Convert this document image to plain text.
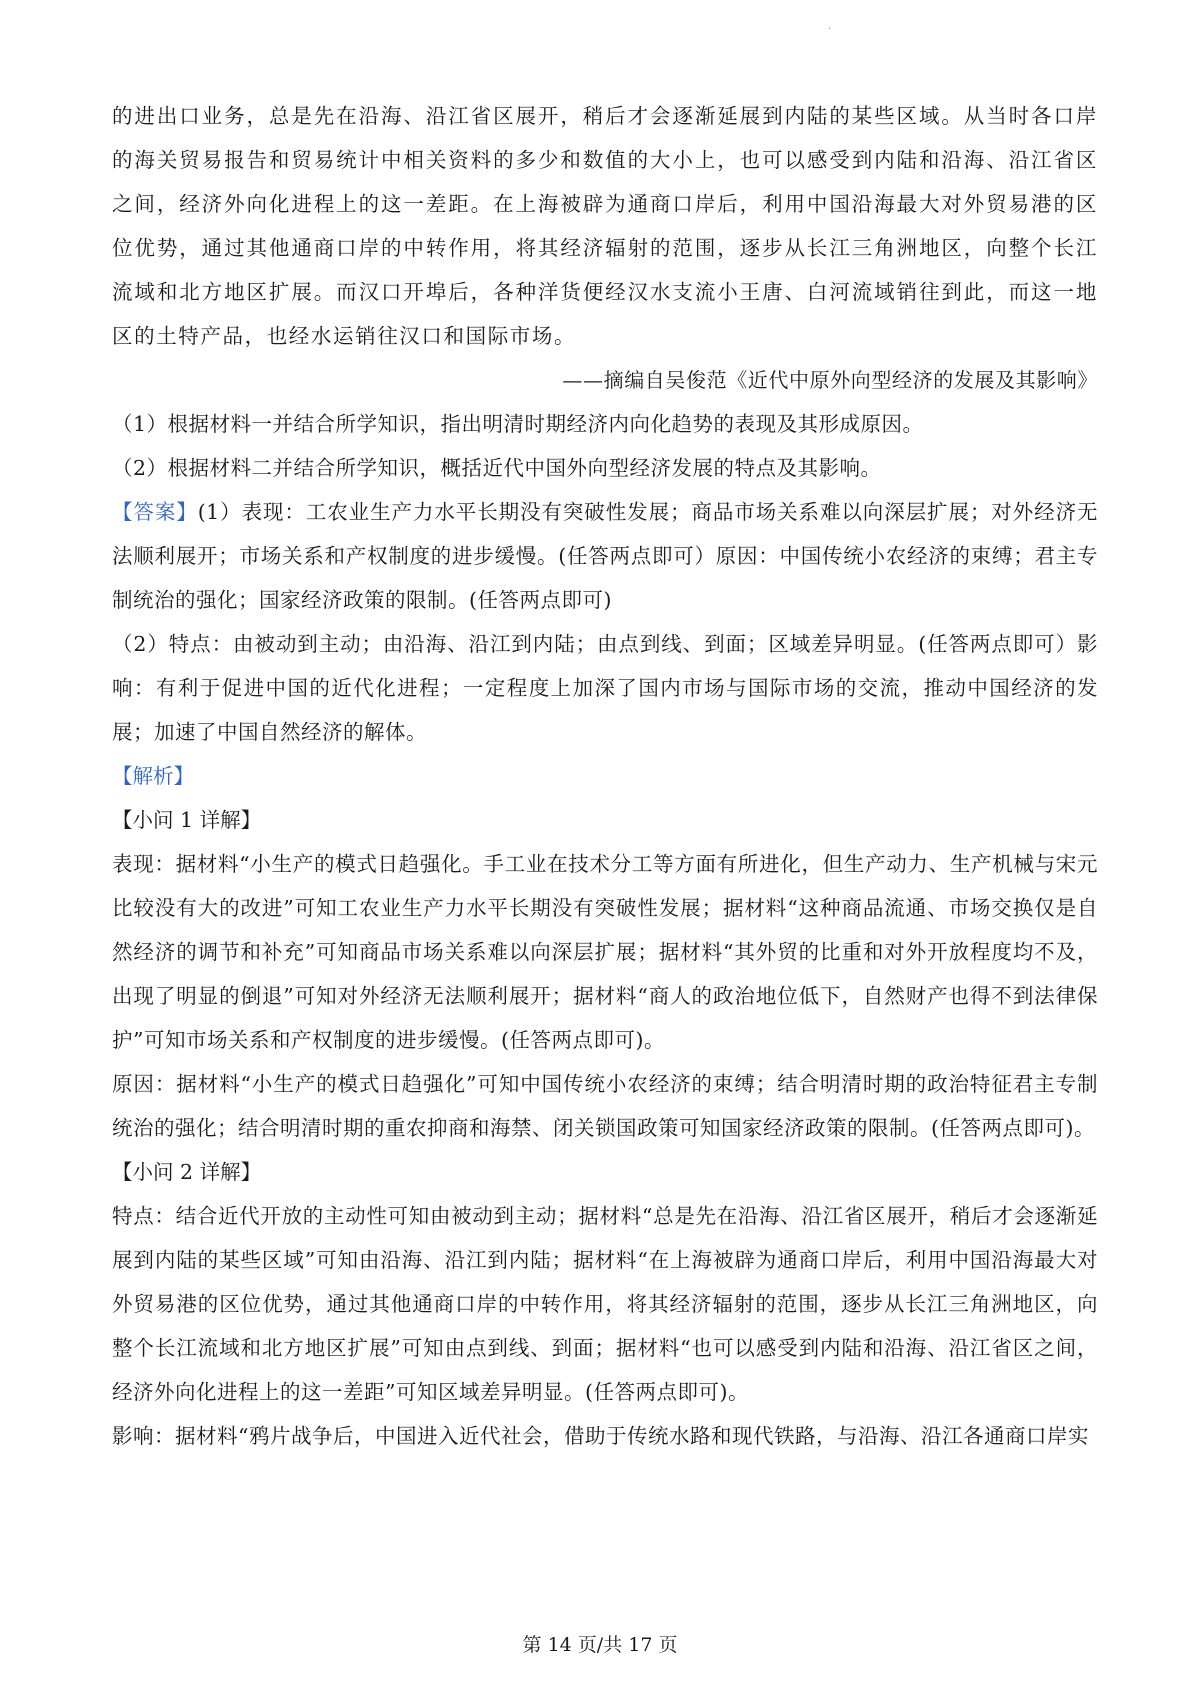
·

的进出口业务，总是先在沿海、沿江省区展开，稍后才会逐渐延展到内陆的某些区域。从当时各口岸的海关贸易报告和贸易统计中相关资料的多少和数值的大小上，也可以感受到内陆和沿海、沿江省区之间，经济外向化进程上的这一差距。在上海被辟为通商口岸后，利用中国沿海最大对外贸易港的区位优势，通过其他通商口岸的中转作用，将其经济辐射的范围，逐步从长江三角洲地区，向整个长江流域和北方地区扩展。而汉口开埠后，各种洋货便经汉水支流小王唐、白河流域销往到此，而这一地区的土特产品，也经水运销往汉口和国际市场。

——摘编自吴俊范《近代中原外向型经济的发展及其影响》

（1）根据材料一并结合所学知识，指出明清时期经济内向化趋势的表现及其形成原因。

（2）根据材料二并结合所学知识，概括近代中国外向型经济发展的特点及其影响。

【答案】(1）表现：工农业生产力水平长期没有突破性发展；商品市场关系难以向深层扩展；对外经济无法顺利展开；市场关系和产权制度的进步缓慢。(任答两点即可）原因：中国传统小农经济的束缚；君主专制统治的强化；国家经济政策的限制。(任答两点即可)

（2）特点：由被动到主动；由沿海、沿江到内陆；由点到线、到面；区域差异明显。(任答两点即可）影响：有利于促进中国的近代化进程；一定程度上加深了国内市场与国际市场的交流，推动中国经济的发展；加速了中国自然经济的解体。

【解析】

【小问 1 详解】

表现：据材料“小生产的模式日趋强化。手工业在技术分工等方面有所进化，但生产动力、生产机械与宋元比较没有大的改进”可知工农业生产力水平长期没有突破性发展；据材料“这种商品流通、市场交换仅是自然经济的调节和补充”可知商品市场关系难以向深层扩展；据材料“其外贸的比重和对外开放程度均不及，出现了明显的倒退”可知对外经济无法顺利展开；据材料“商人的政治地位低下，自然财产也得不到法律保护”可知市场关系和产权制度的进步缓慢。(任答两点即可)。

原因：据材料“小生产的模式日趋强化”可知中国传统小农经济的束缚；结合明清时期的政治特征君主专制统治的强化；结合明清时期的重农抑商和海禁、闭关锁国政策可知国家经济政策的限制。(任答两点即可)。

【小问 2 详解】

特点：结合近代开放的主动性可知由被动到主动；据材料“总是先在沿海、沿江省区展开，稍后才会逐渐延展到内陆的某些区域”可知由沿海、沿江到内陆；据材料“在上海被辟为通商口岸后，利用中国沿海最大对外贸易港的区位优势，通过其他通商口岸的中转作用，将其经济辐射的范围，逐步从长江三角洲地区，向整个长江流域和北方地区扩展”可知由点到线、到面；据材料“也可以感受到内陆和沿海、沿江省区之间，经济外向化进程上的这一差距”可知区域差异明显。(任答两点即可)。

影响：据材料“鸦片战争后，中国进入近代社会，借助于传统水路和现代铁路，与沿海、沿江各通商口岸实

第 14 页/共 17 页
